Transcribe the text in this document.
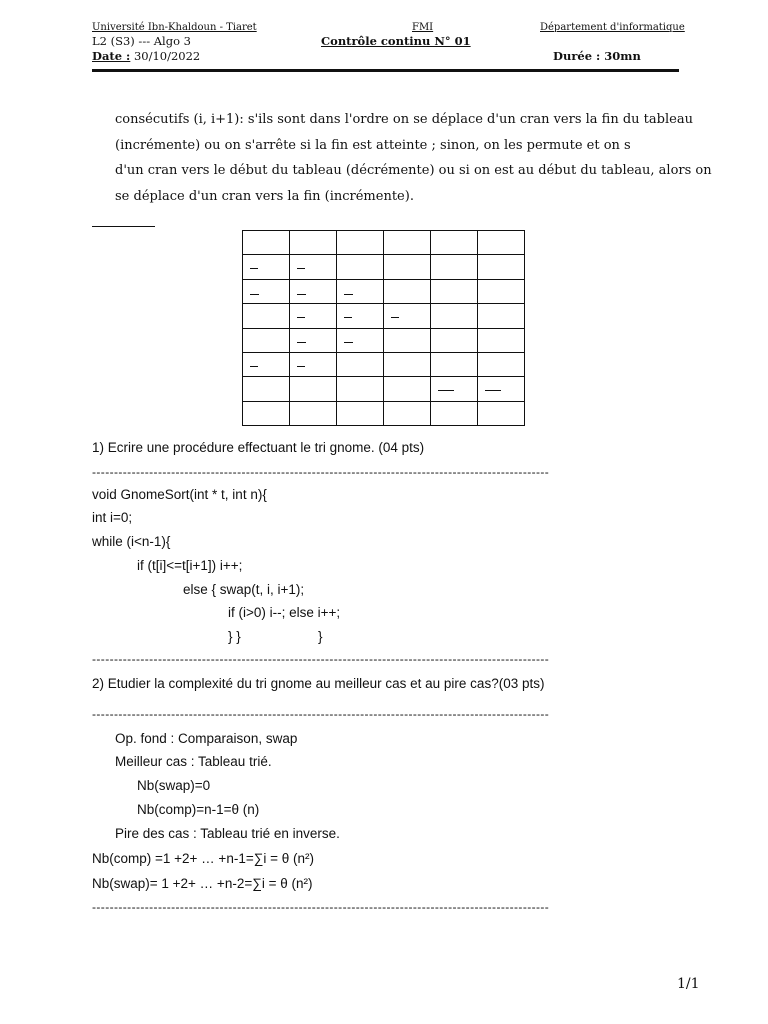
Université Ibn-Khaldoun - Tiaret	FMI	Département d'informatique
L2 (S3) --- Algo 3	Contrôle continu N° 01
Date : 30/10/2022	Durée : 30mn
consécutifs (i, i+1): s'ils sont dans l'ordre on se déplace d'un cran vers la fin du tableau
(incrémente) ou on s'arrête si la fin est atteinte ; sinon, on les permute et on s
d'un cran vers le début du tableau (décrémente) ou si on est au début du tableau, alors on
se déplace d'un cran vers la fin (incrémente).

1) Ecrire une procédure effectuant le tri gnome. (04 pts)
--------------------------------------------------------------------------------------------------------
void GnomeSort(int * t, int n){
int i=0;
while (i<n-1){
if (t[i]<=t[i+1]) i++;
else { swap(t, i, i+1);
if (i>0) i--; else i++;
} }	}
--------------------------------------------------------------------------------------------------------
2) Etudier la complexité du tri gnome au meilleur cas et au pire cas?(03 pts)
--------------------------------------------------------------------------------------------------------
Op. fond : Comparaison, swap
Meilleur cas : Tableau trié.
Nb(swap)=0
Nb(comp)=n-1=θ (n)
Pire des cas : Tableau trié en inverse.
Nb(comp) =1 +2+ … +n-1=∑i = θ (n²)
Nb(swap)= 1 +2+ … +n-2=∑i = θ (n²)
--------------------------------------------------------------------------------------------------------
1/1
